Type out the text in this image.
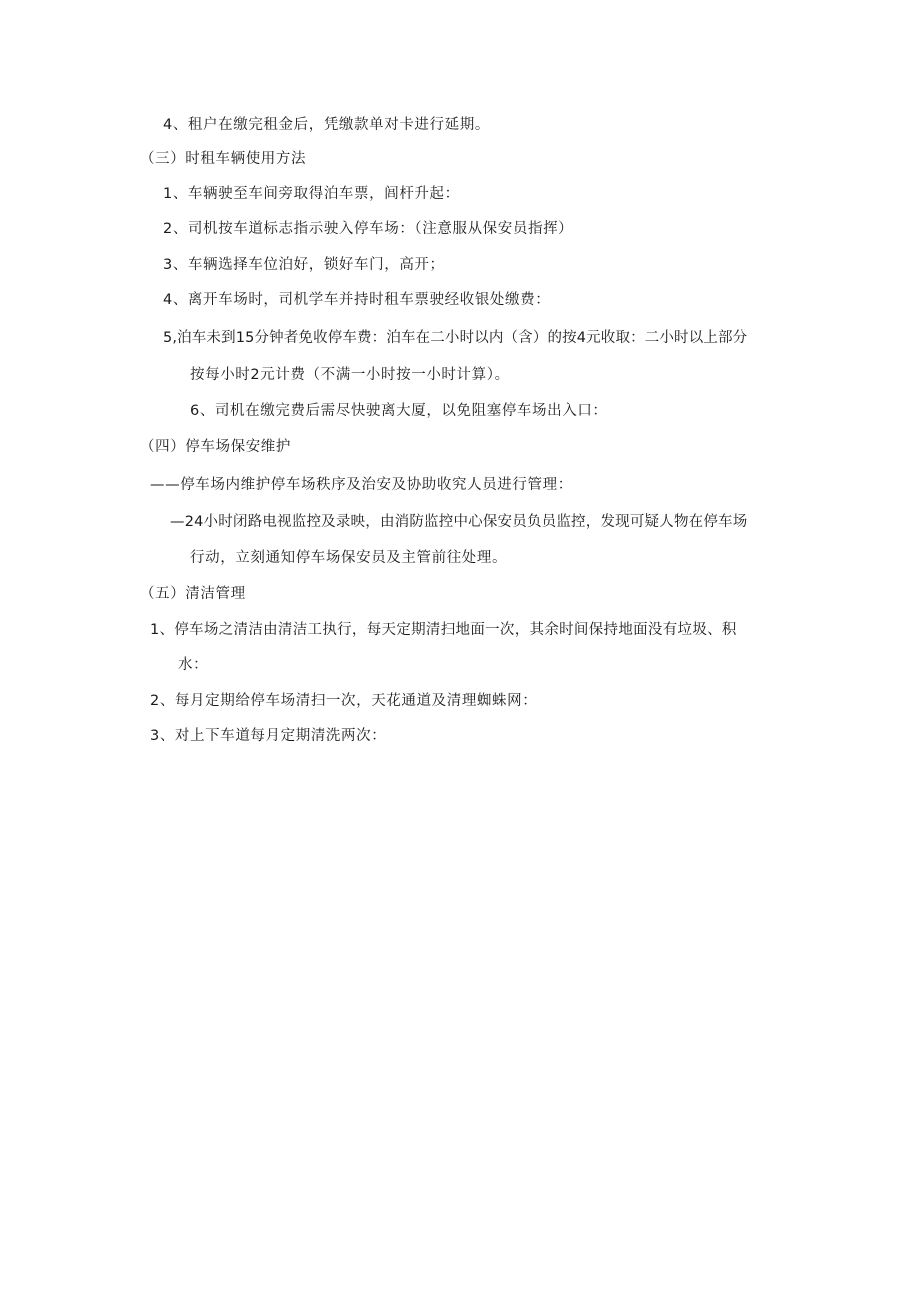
4、租户在缴完租金后，凭缴款单对卡进行延期。
（三）时租车辆使用方法
1、车辆驶至车间旁取得泊车票，闾杆升起：
2、司机按车道标志指示驶入停车场：（注意服从保安员指挥）
3、车辆选择车位泊好，锁好车门，高开；
4、离开车场时，司机学车并持时租车票驶经收银处缴费：
5,泊车未到15分钟者免收停车费：泊车在二小时以内（含）的按4元收取：二小时以上部分
按每小时2元计费（不满一小时按一小时计算）。
6、司机在缴完费后需尽快驶离大厦，以免阻塞停车场出入口：
（四）停车场保安维护
——停车场内维护停车场秩序及治安及协助收究人员进行管理：
—24小时闭路电视监控及录映，由消防监控中心保安员负员监控，发现可疑人物在停车场
行动，立刻通知停车场保安员及主管前往处理。
（五）清洁管理
1、停车场之清洁由清洁工执行，每天定期清扫地面一次，其余时间保持地面没有垃圾、积
水：
2、每月定期给停车场清扫一次，天花通道及清理蜘蛛网：
3、对上下车道每月定期清洗两次：
